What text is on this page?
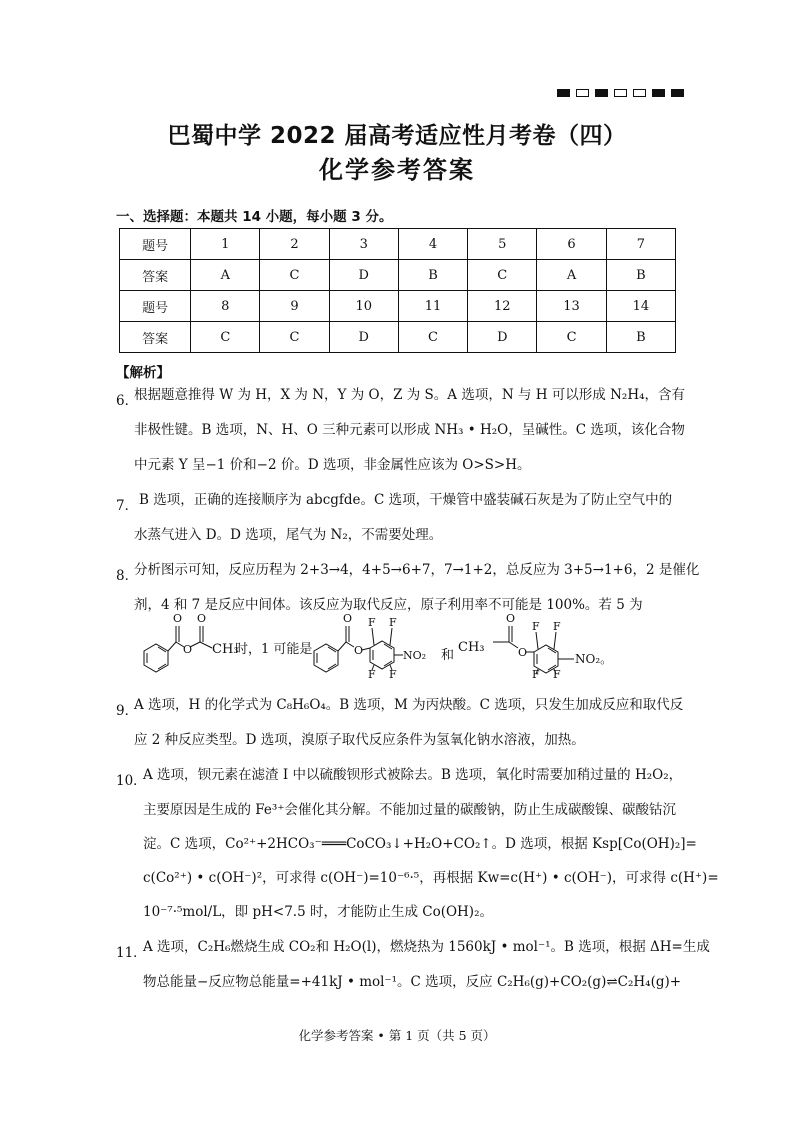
巴蜀中学 2022 届高考适应性月考卷（四）
化学参考答案
一、选择题：本题共 14 小题，每小题 3 分。
题号	1	2	3	4	5	6	7
答案	A	C	D	B	C	A	B
题号	8	9	10	11	12	13	14
答案	C	C	D	C	D	C	B
【解析】
6．
根据题意推得 W 为 H，X 为 N，Y 为 O，Z 为 S。A 选项，N 与 H 可以形成 N₂H₄，含有
非极性键。B 选项，N、H、O 三种元素可以形成 NH₃ • H₂O，呈碱性。C 选项，该化合物
中元素 Y 呈−1 价和−2 价。D 选项，非金属性应该为 O>S>H。
7． B 选项，正确的连接顺序为 abcgfde。C 选项，干燥管中盛装碱石灰是为了防止空气中的
水蒸气进入 D。D 选项，尾气为 N₂，不需要处理。
8．
分析图示可知，反应历程为 2+3→4，4+5→6+7，7→1+2，总反应为 3+5→1+6，2 是催化
剂，4 和 7 是反应中间体。该反应为取代反应，原子利用率不可能是 100%。若 5 为
O
O
O
CH₃
时，1 可能是
O
O
F F
F F
NO₂ 和
CH₃
O
O
F F
F F
NO₂。
9．
A 选项，H 的化学式为 C₈H₆O₄。B 选项，M 为丙炔酸。C 选项，只发生加成反应和取代反
应 2 种反应类型。D 选项，溴原子取代反应条件为氢氧化钠水溶液，加热。
10．
A 选项，钡元素在滤渣 I 中以硫酸钡形式被除去。B 选项，氧化时需要加稍过量的 H₂O₂，
主要原因是生成的 Fe³⁺会催化其分解。不能加过量的碳酸钠，防止生成碳酸镍、碳酸钴沉
淀。C 选项，Co²⁺+2HCO₃⁻═══CoCO₃↓+H₂O+CO₂↑。D 选项，根据 Ksp[Co(OH)₂]=
c(Co²⁺) • c(OH⁻)²，可求得 c(OH⁻)=10⁻⁶·⁵，再根据 Kw=c(H⁺) • c(OH⁻)，可求得 c(H⁺)=
10⁻⁷·⁵mol/L，即 pH<7.5 时，才能防止生成 Co(OH)₂。
11．
A 选项，C₂H₆燃烧生成 CO₂和 H₂O(l)，燃烧热为 1560kJ • mol⁻¹。B 选项，根据 ΔH=生成
物总能量−反应物总能量=+41kJ • mol⁻¹。C 选项，反应 C₂H₆(g)+CO₂(g)⇌C₂H₄(g)+
化学参考答案 • 第 1 页（共 5 页）
